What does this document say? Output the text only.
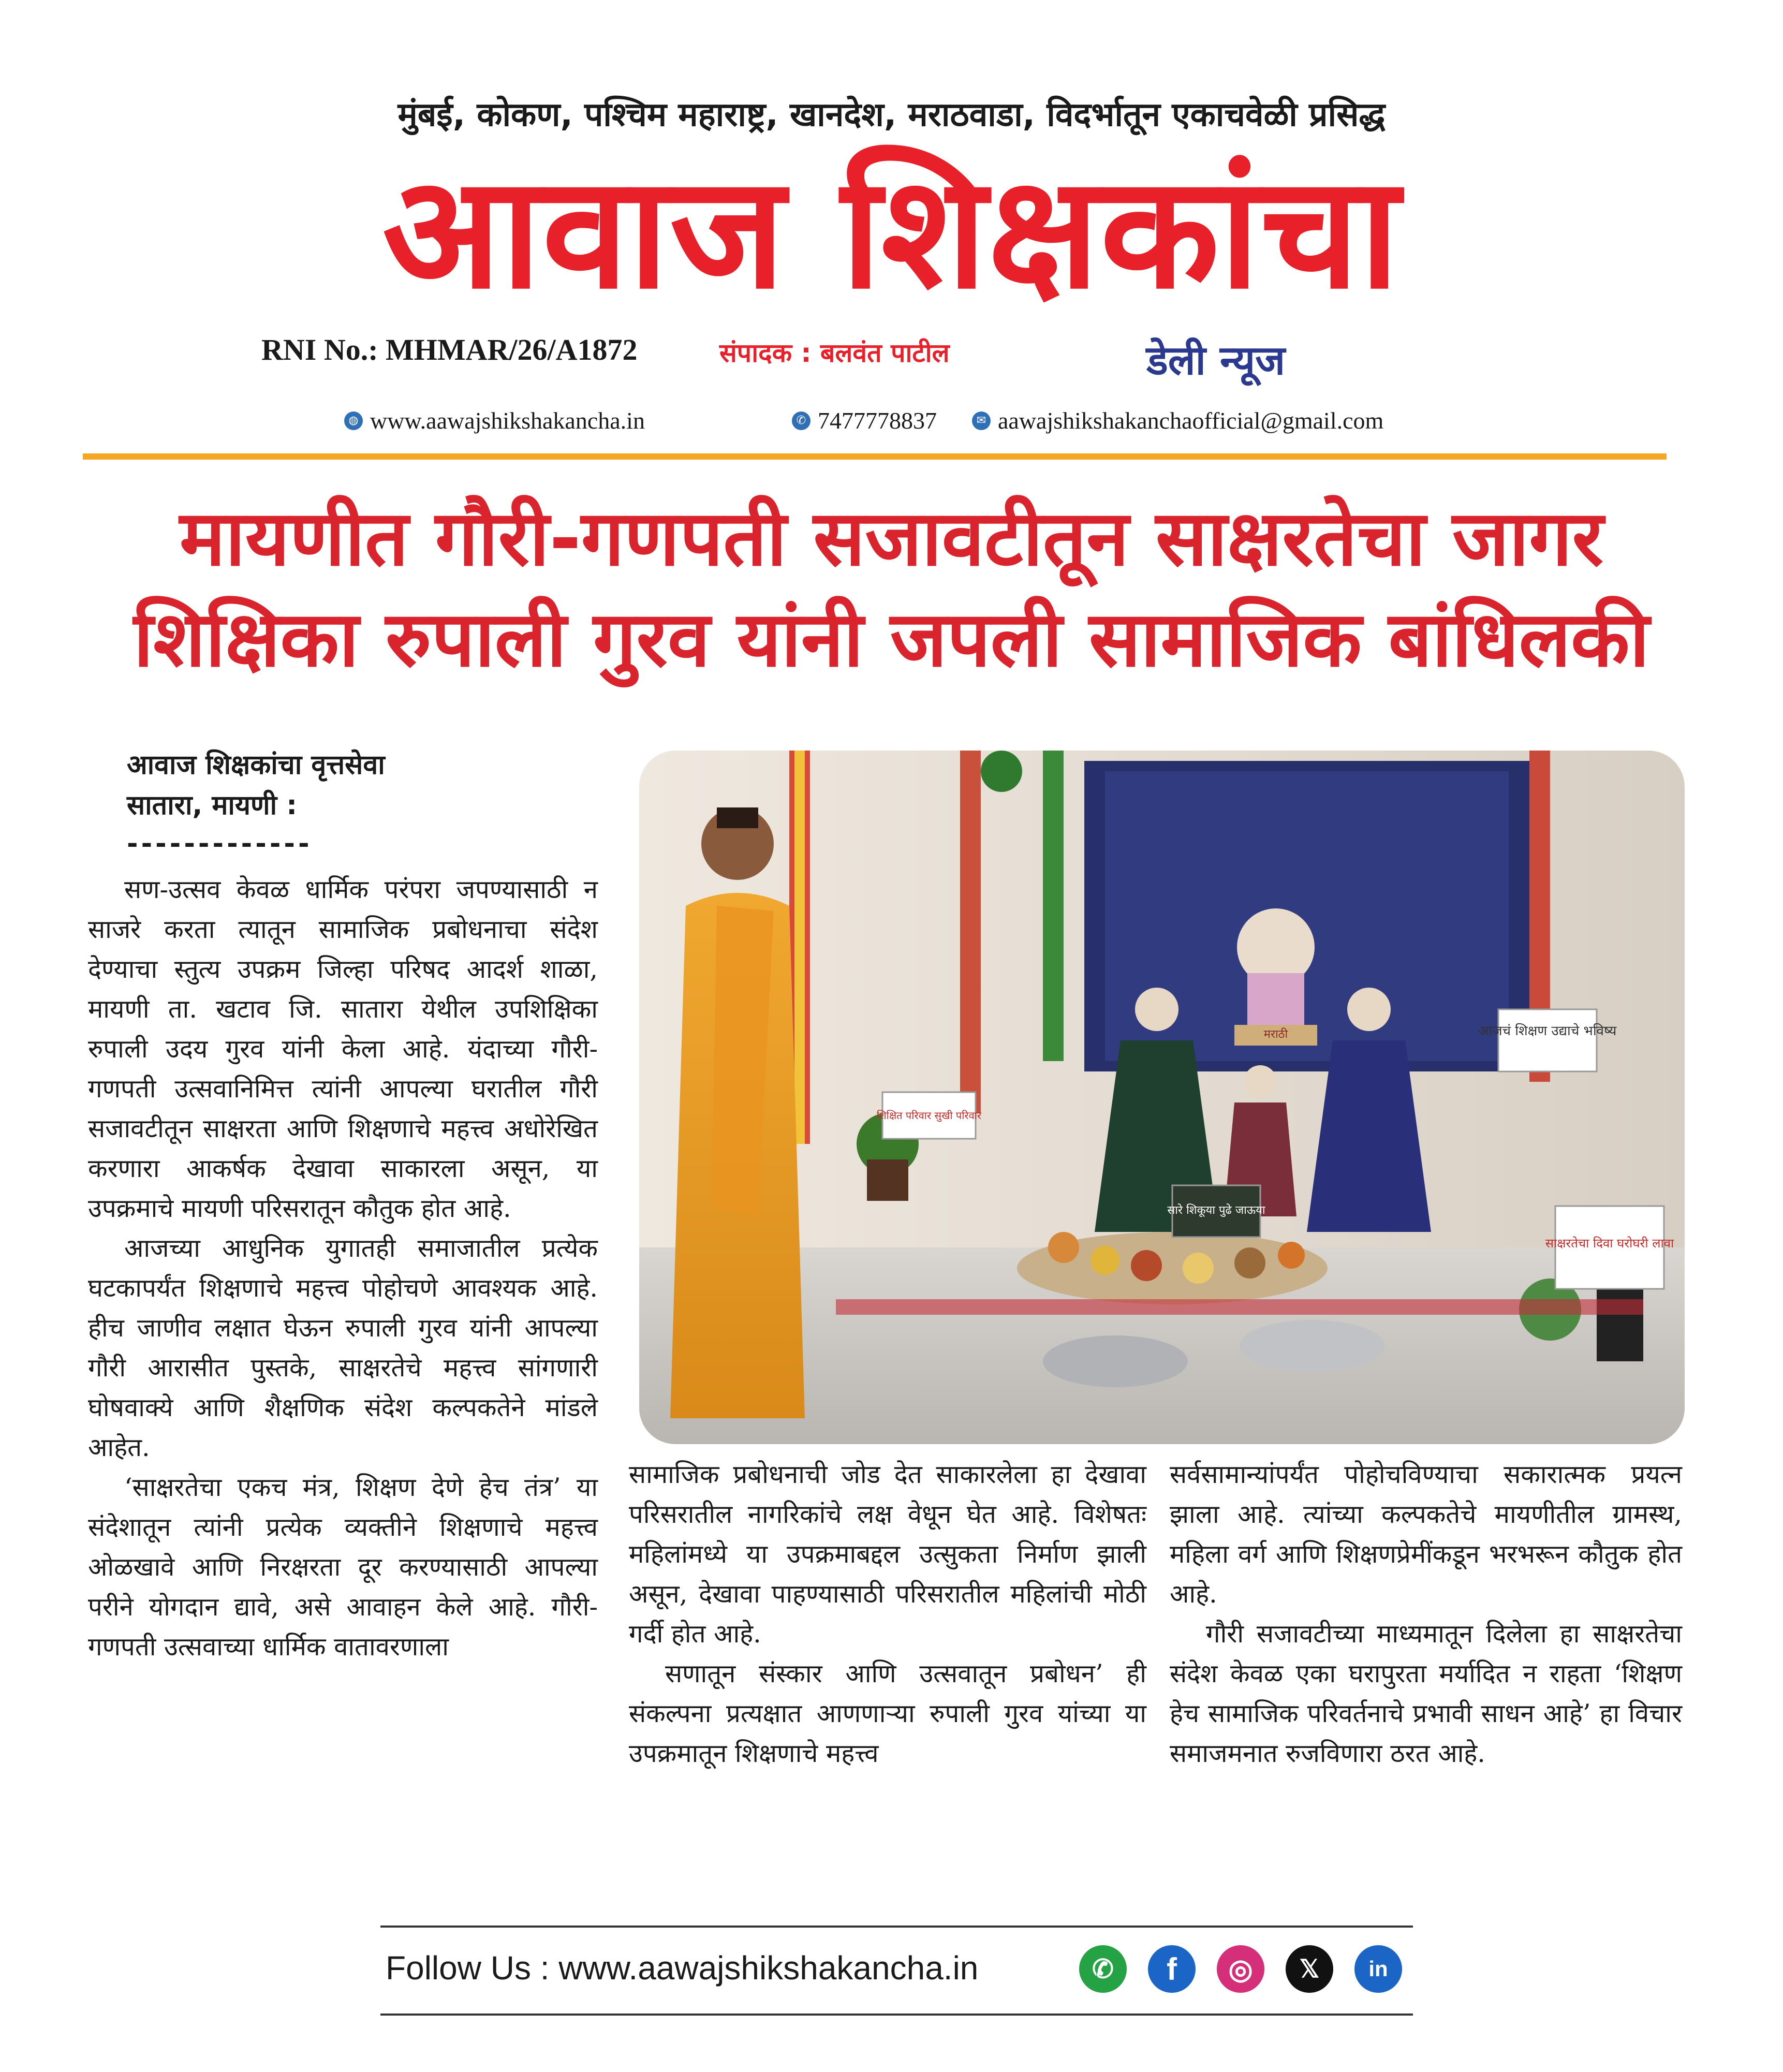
मुंबई, कोकण, पश्चिम महाराष्ट्र, खानदेश, मराठवाडा, विदर्भातून एकाचवेळी प्रसिद्ध
आवाज शिक्षकांचा
RNI No.: MHMAR/26/A1872	संपादक : बलवंत पाटील	डेली न्यूज
◍ www.aawajshikshakancha.in	✆ 7477778837	✉ aawajshikshakanchaofficial@gmail.com
मायणीत गौरी-गणपती सजावटीतून साक्षरतेचा जागर
शिक्षिका रुपाली गुरव यांनी जपली सामाजिक बांधिलकी
आवाज शिक्षकांचा वृत्तसेवा
सातारा, मायणी :
-------------

सण-उत्सव केवळ धार्मिक परंपरा जपण्यासाठी न साजरे करता त्यातून सामाजिक प्रबोधनाचा संदेश देण्याचा स्तुत्य उपक्रम जिल्हा परिषद आदर्श शाळा, मायणी ता. खटाव जि. सातारा येथील उपशिक्षिका रुपाली उदय गुरव यांनी केला आहे. यंदाच्या गौरी-गणपती उत्सवानिमित्त त्यांनी आपल्या घरातील गौरी सजावटीतून साक्षरता आणि शिक्षणाचे महत्त्व अधोरेखित करणारा आकर्षक देखावा साकारला असून, या उपक्रमाचे मायणी परिसरातून कौतुक होत आहे.

आजच्या आधुनिक युगातही समाजातील प्रत्येक घटकापर्यंत शिक्षणाचे महत्त्व पोहोचणे आवश्यक आहे. हीच जाणीव लक्षात घेऊन रुपाली गुरव यांनी आपल्या गौरी आरासीत पुस्तके, साक्षरतेचे महत्त्व सांगणारी घोषवाक्ये आणि शैक्षणिक संदेश कल्पकतेने मांडले आहेत.

‘साक्षरतेचा एकच मंत्र, शिक्षण देणे हेच तंत्र’ या संदेशातून त्यांनी प्रत्येक व्यक्तीने शिक्षणाचे महत्त्व ओळखावे आणि निरक्षरता दूर करण्यासाठी आपल्या परीने योगदान द्यावे, असे आवाहन केले आहे. गौरी-गणपती उत्सवाच्या धार्मिक वातावरणाला

आजचं शिक्षण उद्याचे भविष्य
साक्षरतेचा दिवा घरोघरी लावा
सारे शिकूया पुढे जाऊया
शिक्षित परिवार सुखी परिवार
मराठी

सामाजिक प्रबोधनाची जोड देत साकारलेला हा देखावा परिसरातील नागरिकांचे लक्ष वेधून घेत आहे. विशेषतः महिलांमध्ये या उपक्रमाबद्दल उत्सुकता निर्माण झाली असून, देखावा पाहण्यासाठी परिसरातील महिलांची मोठी गर्दी होत आहे.

सणातून संस्कार आणि उत्सवातून प्रबोधन’ ही संकल्पना प्रत्यक्षात आणणाऱ्या रुपाली गुरव यांच्या या उपक्रमातून शिक्षणाचे महत्त्व

सर्वसामान्यांपर्यंत पोहोचविण्याचा सकारात्मक प्रयत्न झाला आहे. त्यांच्या कल्पकतेचे मायणीतील ग्रामस्थ, महिला वर्ग आणि शिक्षणप्रेमींकडून भरभरून कौतुक होत आहे.

गौरी सजावटीच्या माध्यमातून दिलेला हा साक्षरतेचा संदेश केवळ एका घरापुरता मर्यादित न राहता ‘शिक्षण हेच सामाजिक परिवर्तनाचे प्रभावी साधन आहे’ हा विचार समाजमनात रुजविणारा ठरत आहे.

Follow Us : www.aawajshikshakancha.in	✆ f ◎ 𝕏 in
